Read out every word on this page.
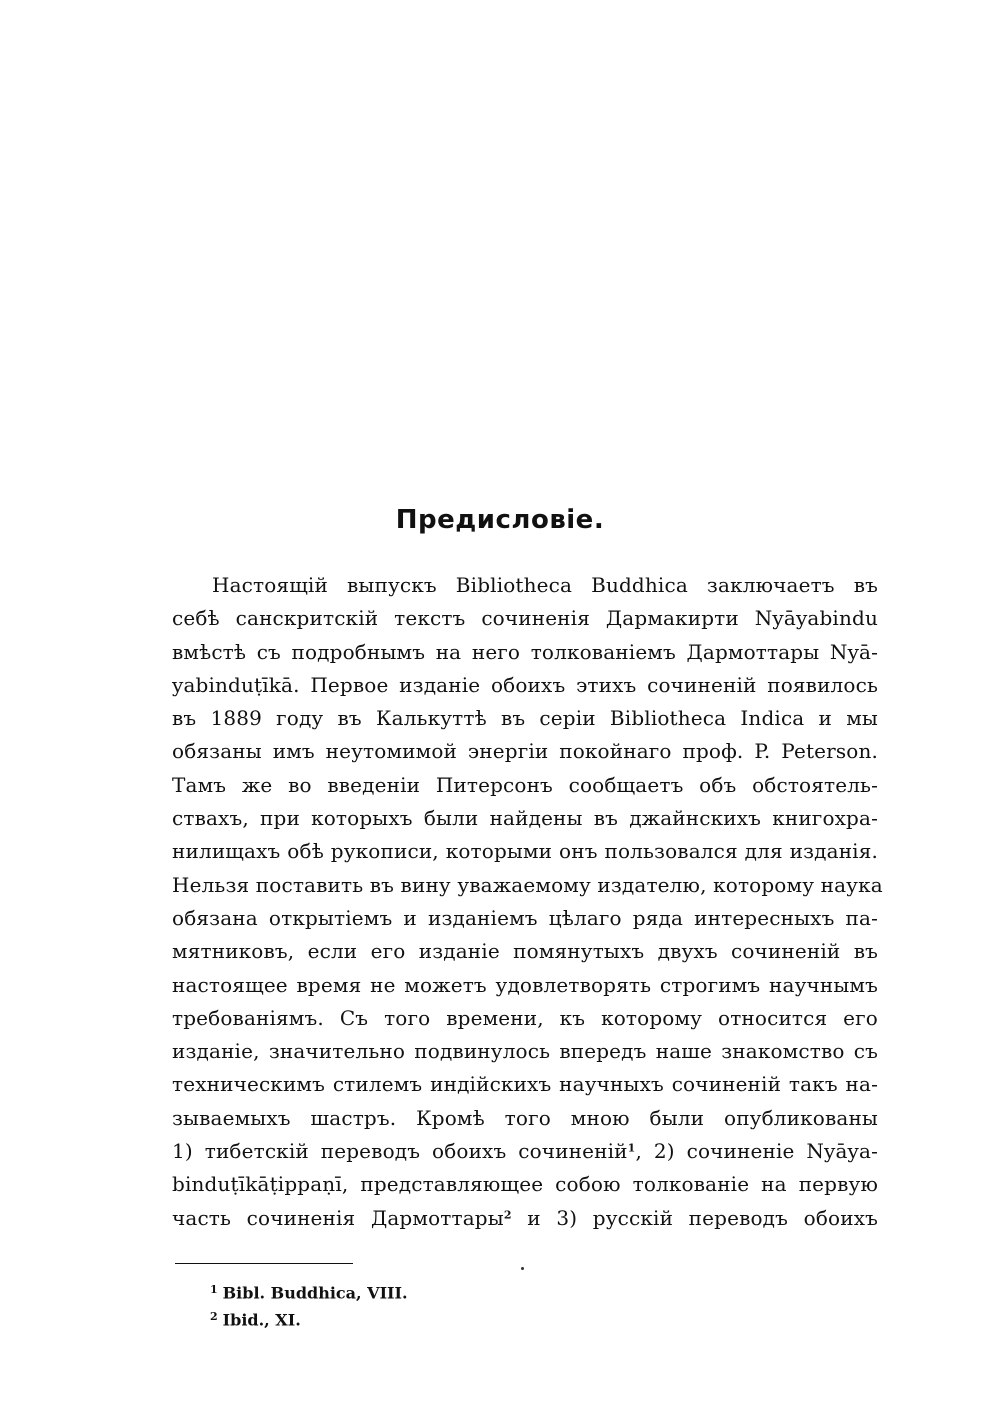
Предисловіе.
Настоящій выпускъ Bibliotheca Buddhica заключаетъ въ
себѣ санскритскій текстъ сочиненія Дармакирти Nyāyabindu
вмѣстѣ съ подробнымъ на него толкованіемъ Дармоттары Nyā-
yabinduṭīkā. Первое изданіе обоихъ этихъ сочиненій появилось
въ 1889 году въ Калькуттѣ въ серіи Bibliotheca Indica и мы
обязаны имъ неутомимой энергіи покойнаго проф. P. Peterson.
Тамъ же во введеніи Питерсонъ сообщаетъ объ обстоятель-
ствахъ, при которыхъ были найдены въ джайнскихъ книгохра-
нилищахъ обѣ рукописи, которыми онъ пользовался для изданія.
Нельзя поставить въ вину уважаемому издателю, которому наука
обязана открытіемъ и изданіемъ цѣлаго ряда интересныхъ па-
мятниковъ, если его изданіе помянутыхъ двухъ сочиненій въ
настоящее время не можетъ удовлетворять строгимъ научнымъ
требованіямъ. Съ того времени, къ которому относится его
изданіе, значительно подвинулось впередъ наше знакомство съ
техническимъ стилемъ индійскихъ научныхъ сочиненій такъ на-
зываемыхъ шастръ. Кромѣ того мною были опубликованы
1) тибетскій переводъ обоихъ сочиненій$^1$, 2) сочиненіе Nyāya-
binduṭīkāṭippaṇī, представляющее собою толкованіе на первую
часть сочиненія Дармоттары$^2$ и 3) русскій переводъ обоихъ
$^1$ Bibl. Buddhica, VIII.
$^2$ Ibid., XI.
